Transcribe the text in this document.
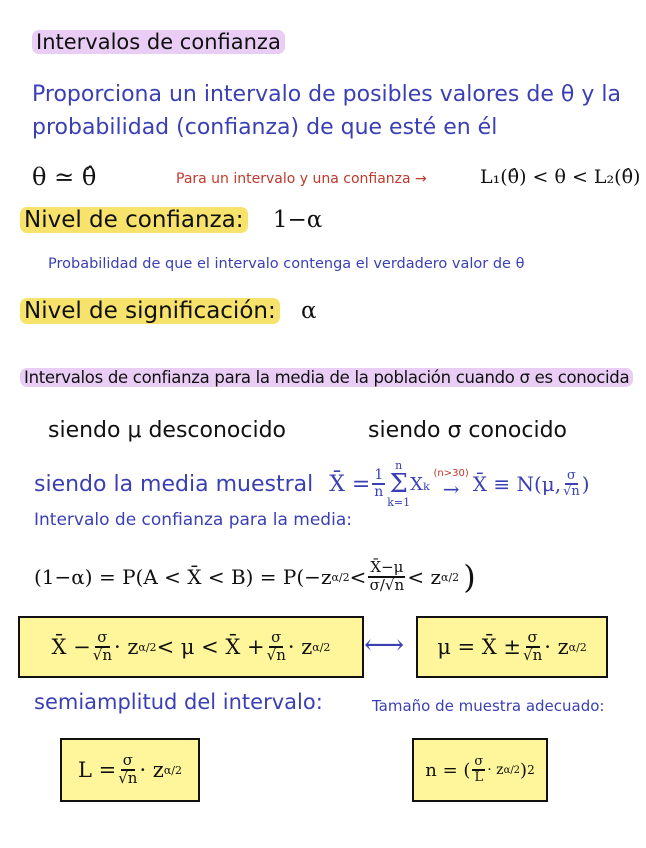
Intervalos de confianza
Proporciona un intervalo de posibles valores de θ y la
probabilidad (confianza) de que esté en él
θ ≃ θ̂	Para un intervalo y una confianza →	L₁(θ̂) < θ < L₂(θ̂)
Nivel de confianza: 1−α
Probabilidad de que el intervalo contenga el verdadero valor de θ
Nivel de significación: α
Intervalos de confianza para la media de la población cuando σ es conocida
siendo μ desconocido	siendo σ conocido
siendo la media muestral X̄ = $\frac{1}{n}$
n
Σ
k=1
Xₖ (n>30)
→ X̄ ≡ N(μ, $\frac{\sigma}{√n}$ )
Intervalo de confianza para la media:
(1−α) = P(A < X̄ < B) = P(−z $\alpha/2 < \frac{X̄-\mu}{\sigma/√n} < z$ α/2 )
X̄ − $\frac{\sigma}{√n} \cdot z$ α/2 < μ < X̄ + $\frac{\sigma}{√n} \cdot z$ α/2 ⟷ μ = X̄ ± $\frac{\sigma}{√n} \cdot z$ α/2
semiamplitud del intervalo:	Tamaño de muestra adecuado:
$L = \frac{\sigma}{√n} \cdot z$ α/2	n = ( $\frac{\sigma}{L} \cdot z$ α/2 ) 2
